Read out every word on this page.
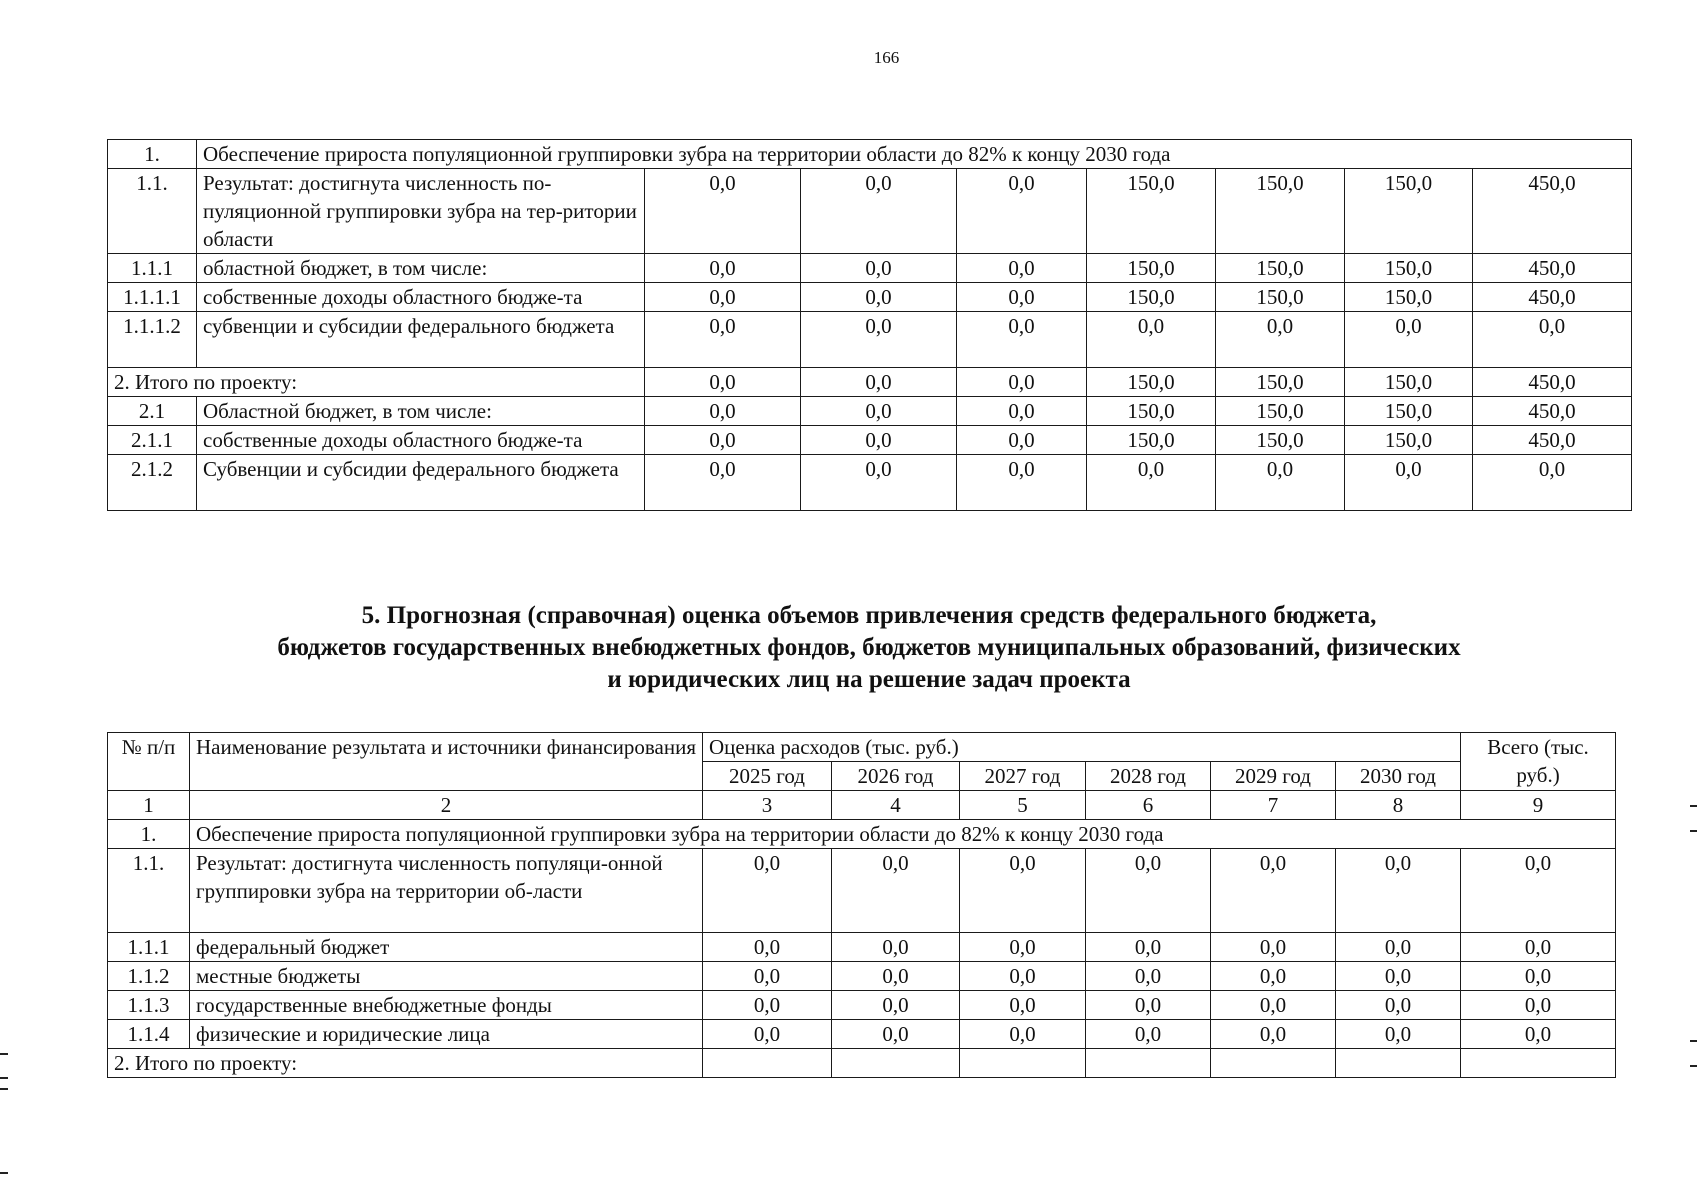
166
1.	Обеспечение прироста популяционной группировки зубра на территории области до 82% к концу 2030 года							
1.1.	Результат: достигнута численность по-пуляционной группировки зубра на тер-ритории области	0,0	0,0	0,0	150,0	150,0	150,0	450,0
1.1.1	областной бюджет, в том числе:	0,0	0,0	0,0	150,0	150,0	150,0	450,0
1.1.1.1	собственные доходы областного бюдже-та	0,0	0,0	0,0	150,0	150,0	150,0	450,0
1.1.1.2	субвенции и субсидии федерального бюджета	0,0	0,0	0,0	0,0	0,0	0,0	0,0
2. Итого по проекту:		0,0	0,0	0,0	150,0	150,0	150,0	450,0
2.1	Областной бюджет, в том числе:	0,0	0,0	0,0	150,0	150,0	150,0	450,0
2.1.1	собственные доходы областного бюдже-та	0,0	0,0	0,0	150,0	150,0	150,0	450,0
2.1.2	Субвенции и субсидии федерального бюджета	0,0	0,0	0,0	0,0	0,0	0,0	0,0
5. Прогнозная (справочная) оценка объемов привлечения средств федерального бюджета,
бюджетов государственных внебюджетных фондов, бюджетов муниципальных образований, физических
и юридических лиц на решение задач проекта
№ п/п	Наименование результата и источники финансирования	Оценка расходов (тыс. руб.)						Всего (тыс. руб.)
		2025 год	2026 год	2027 год	2028 год	2029 год	2030 год	
1	2	3	4	5	6	7	8	9
1.	Обеспечение прироста популяционной группировки зубра на территории области до 82% к концу 2030 года							
1.1.	Результат: достигнута численность популяци-онной группировки зубра на территории об-ласти	0,0	0,0	0,0	0,0	0,0	0,0	0,0
1.1.1	федеральный бюджет	0,0	0,0	0,0	0,0	0,0	0,0	0,0
1.1.2	местные бюджеты	0,0	0,0	0,0	0,0	0,0	0,0	0,0
1.1.3	государственные внебюджетные фонды	0,0	0,0	0,0	0,0	0,0	0,0	0,0
1.1.4	физические и юридические лица	0,0	0,0	0,0	0,0	0,0	0,0	0,0
2. Итого по проекту:								
